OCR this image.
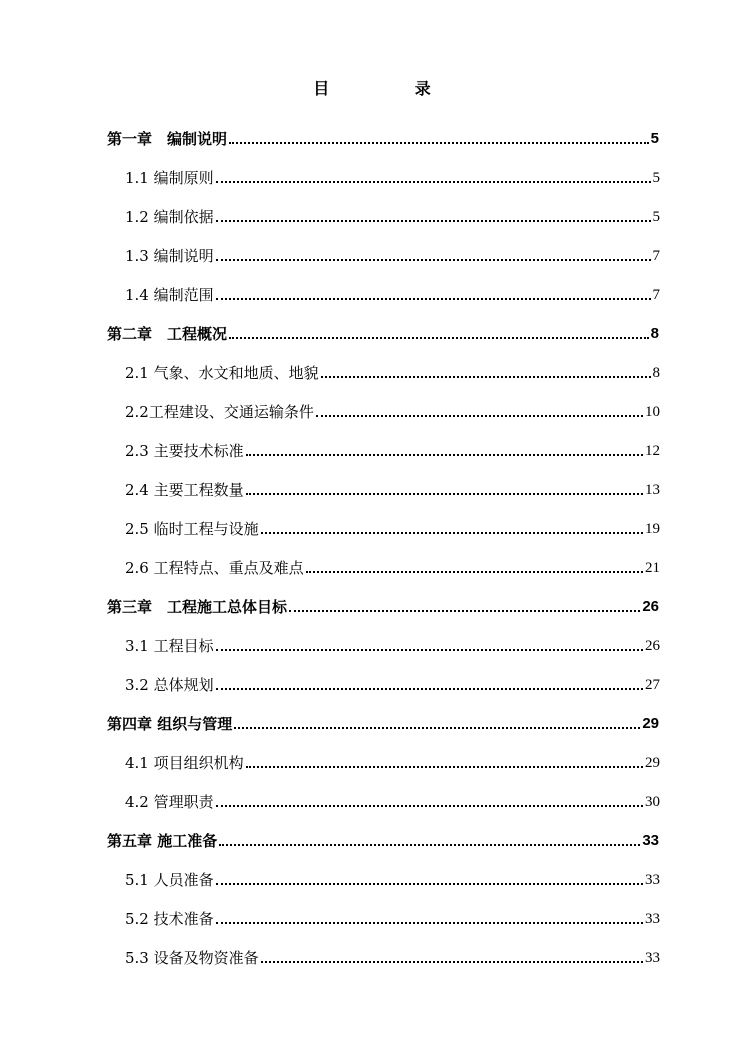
目 录
第一章　编制说明	5
1.1 编制原则	5
1.2 编制依据	5
1.3 编制说明	7
1.4 编制范围	7
第二章　工程概况	8
2.1 气象、水文和地质、地貌	8
2.2工程建设、交通运输条件	10
2.3 主要技术标准	12
2.4 主要工程数量	13
2.5 临时工程与设施	19
2.6 工程特点、重点及难点	21
第三章　工程施工总体目标	26
3.1 工程目标	26
3.2 总体规划	27
第四章 组织与管理	29
4.1 项目组织机构	29
4.2 管理职责	30
第五章 施工准备	33
5.1 人员准备	33
5.2 技术准备	33
5.3 设备及物资准备	33
